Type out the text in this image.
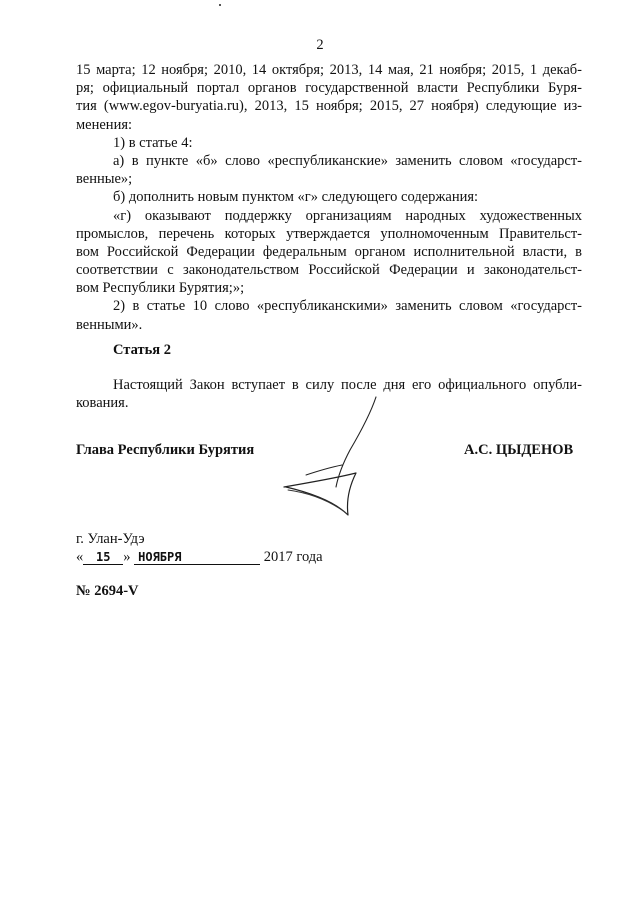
2
15 марта; 12 ноября; 2010, 14 октября; 2013, 14 мая, 21 ноября; 2015, 1 декаб-
ря; официальный портал органов государственной власти Республики Буря-
тия (www.egov-buryatia.ru), 2013, 15 ноября; 2015, 27 ноября) следующие из-
менения:
1) в статье 4:
а) в пункте «б» слово «республиканские» заменить словом «государст-
венные»;
б) дополнить новым пунктом «г» следующего содержания:
«г) оказывают поддержку организациям народных художественных
промыслов, перечень которых утверждается уполномоченным Правительст-
вом Российской Федерации федеральным органом исполнительной власти, в
соответствии с законодательством Российской Федерации и законодательст-
вом Республики Бурятия;»;
2) в статье 10 слово «республиканскими» заменить словом «государст-
венными».
Статья 2
Настоящий Закон вступает в силу после дня его официального опубли-
кования.
Глава Республики Бурятия	А.С. ЦЫДЕНОВ
г. Улан-Удэ
« 15 » НОЯБРЯ	2017 года
№ 2694-V
